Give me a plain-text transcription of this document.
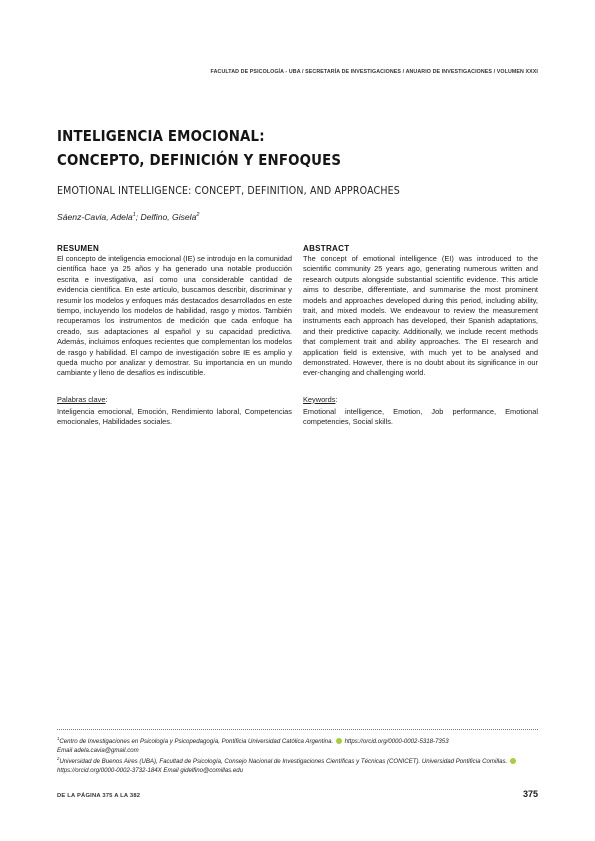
FACULTAD DE PSICOLOGÍA - UBA / SECRETARÍA DE INVESTIGACIONES / ANUARIO DE INVESTIGACIONES / VOLUMEN XXXI
INTELIGENCIA EMOCIONAL:
CONCEPTO, DEFINICIÓN Y ENFOQUES
EMOTIONAL INTELLIGENCE: CONCEPT, DEFINITION, AND APPROACHES
Sáenz-Cavia, Adela$^1$; Delfino, Gisela$^2$
RESUMEN

El concepto de inteligencia emocional (IE) se introdujo en la comunidad científica hace ya 25 años y ha generado una notable producción escrita e investigativa, así como una considerable cantidad de evidencia científica. En este artículo, buscamos describir, discriminar y resumir los modelos y enfoques más destacados desarrollados en este tiempo, incluyendo los modelos de habilidad, rasgo y mixtos. También recuperamos los instrumentos de medición que cada enfoque ha creado, sus adaptaciones al español y su capacidad predictiva. Además, incluimos enfoques recientes que complementan los modelos de rasgo y habilidad. El campo de investigación sobre IE es amplio y queda mucho por analizar y demostrar. Su importancia en un mundo cambiante y lleno de desafíos es indiscutible.

Palabras clave:

Inteligencia emocional, Emoción, Rendimiento laboral, Competencias emocionales, Habilidades sociales.

ABSTRACT

The concept of emotional intelligence (EI) was introduced to the scientific community 25 years ago, generating numerous written and research outputs alongside substantial scientific evidence. This article aims to describe, differentiate, and summarise the most prominent models and approaches developed during this period, including ability, trait, and mixed models. We endeavour to review the measurement instruments each approach has developed, their Spanish adaptations, and their predictive capacity. Additionally, we include recent methods that complement trait and ability approaches. The EI research and application field is extensive, with much yet to be analysed and demonstrated. However, there is no doubt about its significance in our ever-changing and challenging world.

Keywords:

Emotional intelligence, Emotion, Job performance, Emotional competencies, Social skills.

$^1$Centro de Investigaciones en Psicología y Psicopedagogía, Pontificia Universidad Católica Argentina. https://orcid.org/0000-0002-5318-7353
Email adela.cavia@gmail.com

$^2$Universidad de Buenos Aires (UBA), Facultad de Psicología, Consejo Nacional de Investigaciones Científicas y Técnicas (CONICET). Universidad Pontificia Comillas.  https://orcid.org/0000-0002-3732-184X Email gidelfino@comillas.edu

DE LA PÁGINA 375 A LA 382	375
